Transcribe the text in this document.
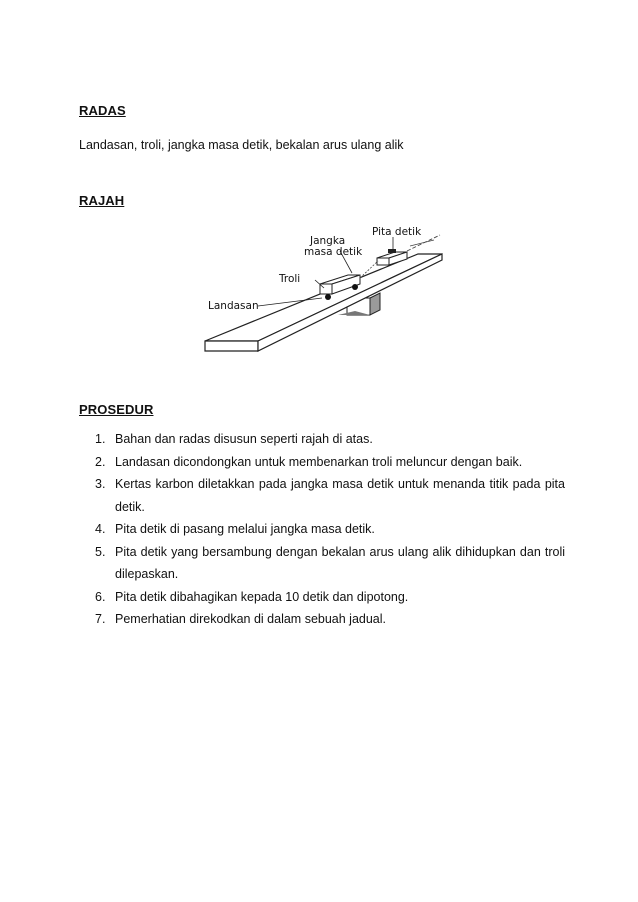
RADAS
Landasan, troli, jangka masa detik, bekalan arus ulang alik
RAJAH
Pita detik
Jangka
masa detik
Troli
Landasan
PROSEDUR
1. Bahan dan radas disusun seperti rajah di atas.
2. Landasan dicondongkan untuk membenarkan troli meluncur dengan baik.
3. Kertas karbon diletakkan pada jangka masa detik untuk menanda titik pada pita detik.
4. Pita detik di pasang melalui jangka masa detik.
5. Pita detik yang bersambung dengan bekalan arus ulang alik dihidupkan dan troli dilepaskan.
6. Pita detik dibahagikan kepada 10 detik dan dipotong.
7. Pemerhatian direkodkan di dalam sebuah jadual.
